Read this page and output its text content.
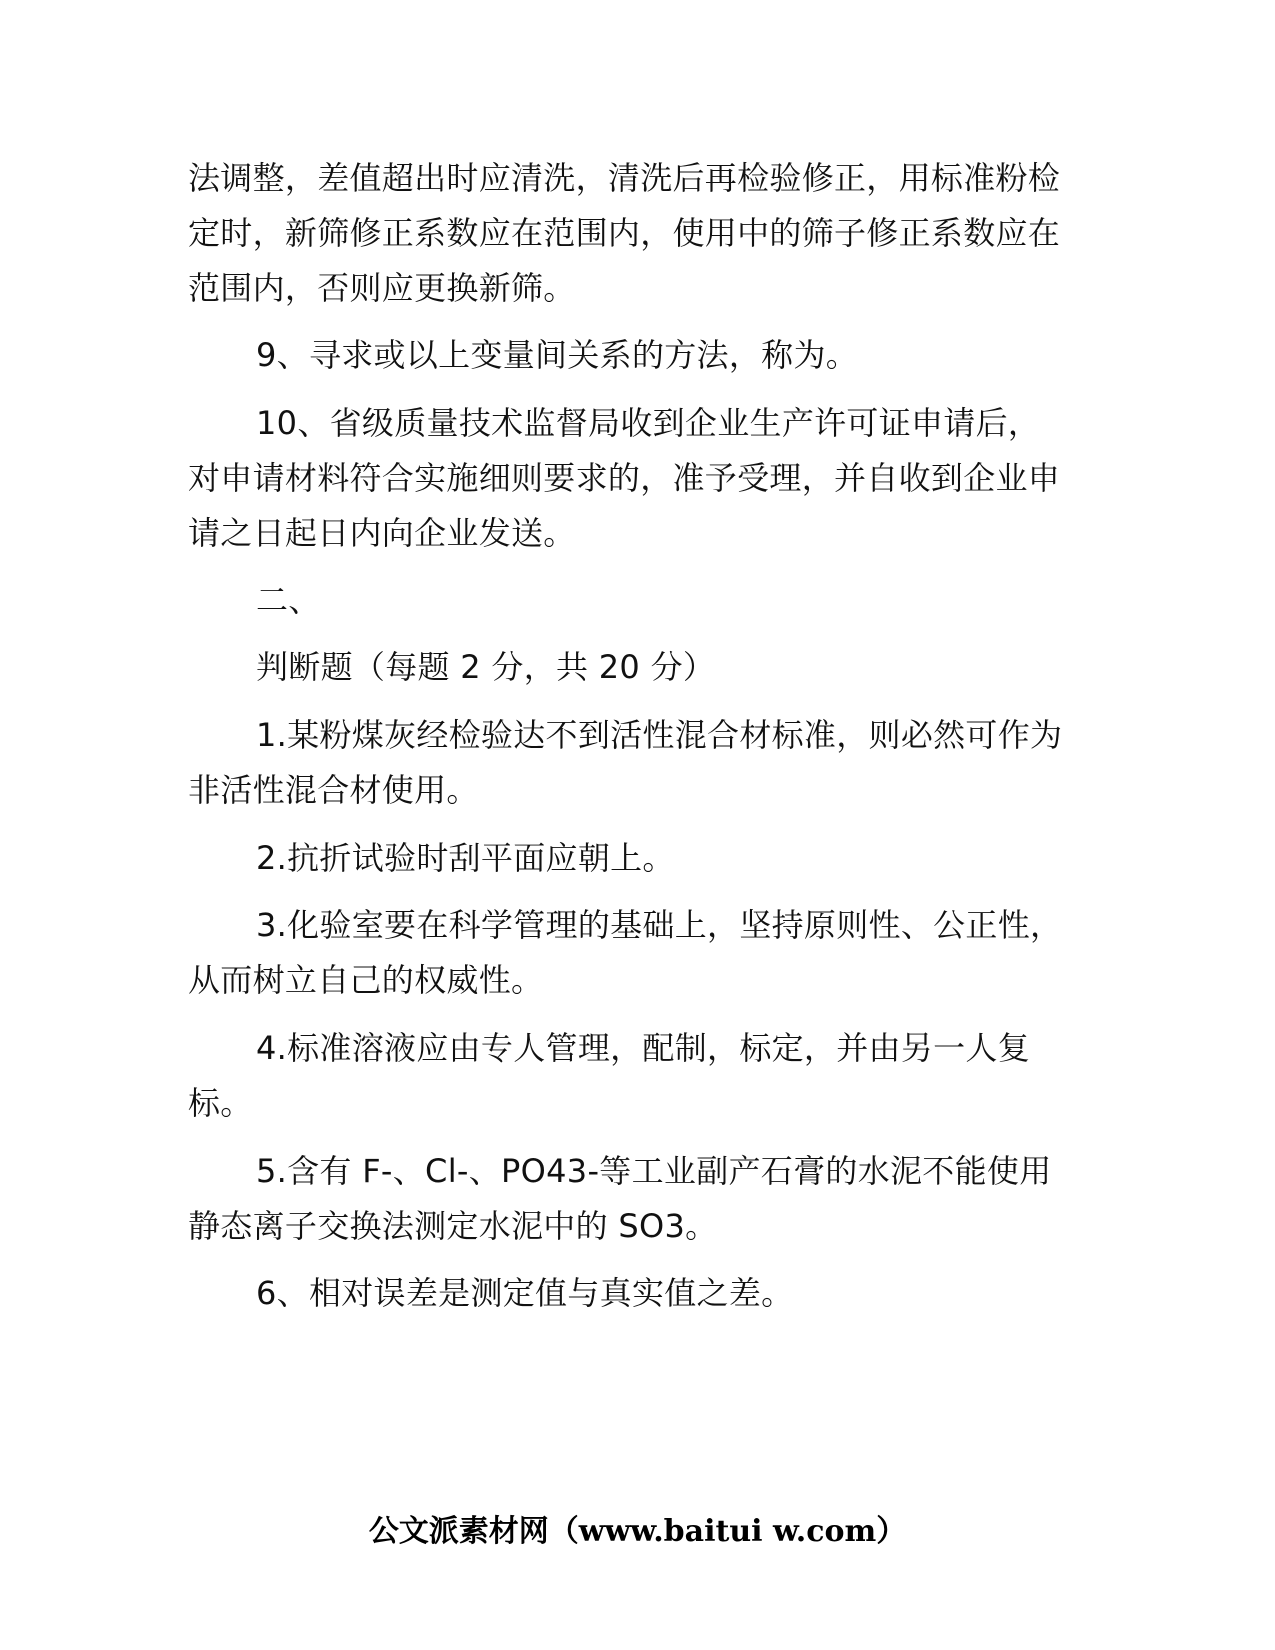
法调整，差值超出时应清洗，清洗后再检验修正，用标准粉检
定时，新筛修正系数应在范围内，使用中的筛子修正系数应在
范围内，否则应更换新筛。
9、寻求或以上变量间关系的方法，称为。
10、省级质量技术监督局收到企业生产许可证申请后，
对申请材料符合实施细则要求的，准予受理，并自收到企业申
请之日起日内向企业发送。
二、
判断题（每题 2 分，共 20 分）
1.某粉煤灰经检验达不到活性混合材标准，则必然可作为
非活性混合材使用。
2.抗折试验时刮平面应朝上。
3.化验室要在科学管理的基础上，坚持原则性、公正性，
从而树立自己的权威性。
4.标准溶液应由专人管理，配制，标定，并由另一人复
标。
5.含有 F-、Cl-、PO43-等工业副产石膏的水泥不能使用
静态离子交换法测定水泥中的 SO3。
6、相对误差是测定值与真实值之差。
公文派素材网（www.baitui w.com）
